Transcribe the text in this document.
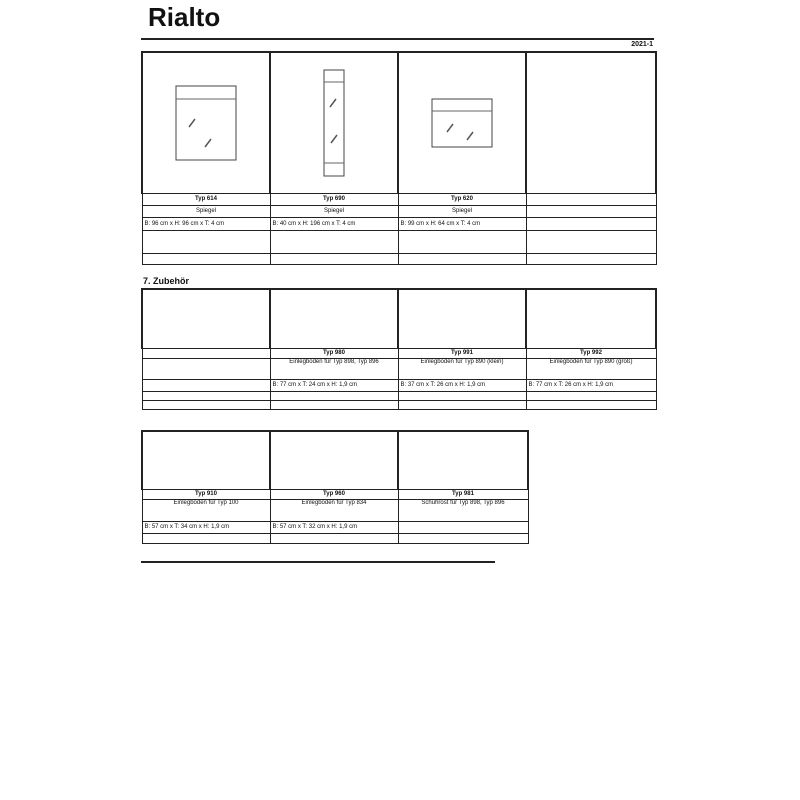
Rialto
2021-1

Typ 614	Typ 690	Typ 620	
Spiegel	Spiegel	Spiegel	
B: 96 cm x H: 96 cm x T: 4 cm	B: 40 cm x H: 196 cm x T: 4 cm	B: 99 cm x H: 64 cm x T: 4 cm	

7. Zubehör

	Typ 980	Typ 991	Typ 992
	Einlegboden für Typ 898, Typ 896	Einlegboden für Typ 890 (klein)	Einlegboden für Typ 890 (groß)
	B: 77 cm x T: 24 cm x H: 1,9 cm	B: 37 cm x T: 26 cm x H: 1,9 cm	B: 77 cm x T: 26 cm x H: 1,9 cm

Typ 910	Typ 960	Typ 981
Einlegboden für Typ 100	Einlegboden für Typ 834	Schuhrost für Typ 898, Typ 896
B: 57 cm x T: 34 cm x H: 1,9 cm	B: 57 cm x T: 32 cm x H: 1,9 cm	
